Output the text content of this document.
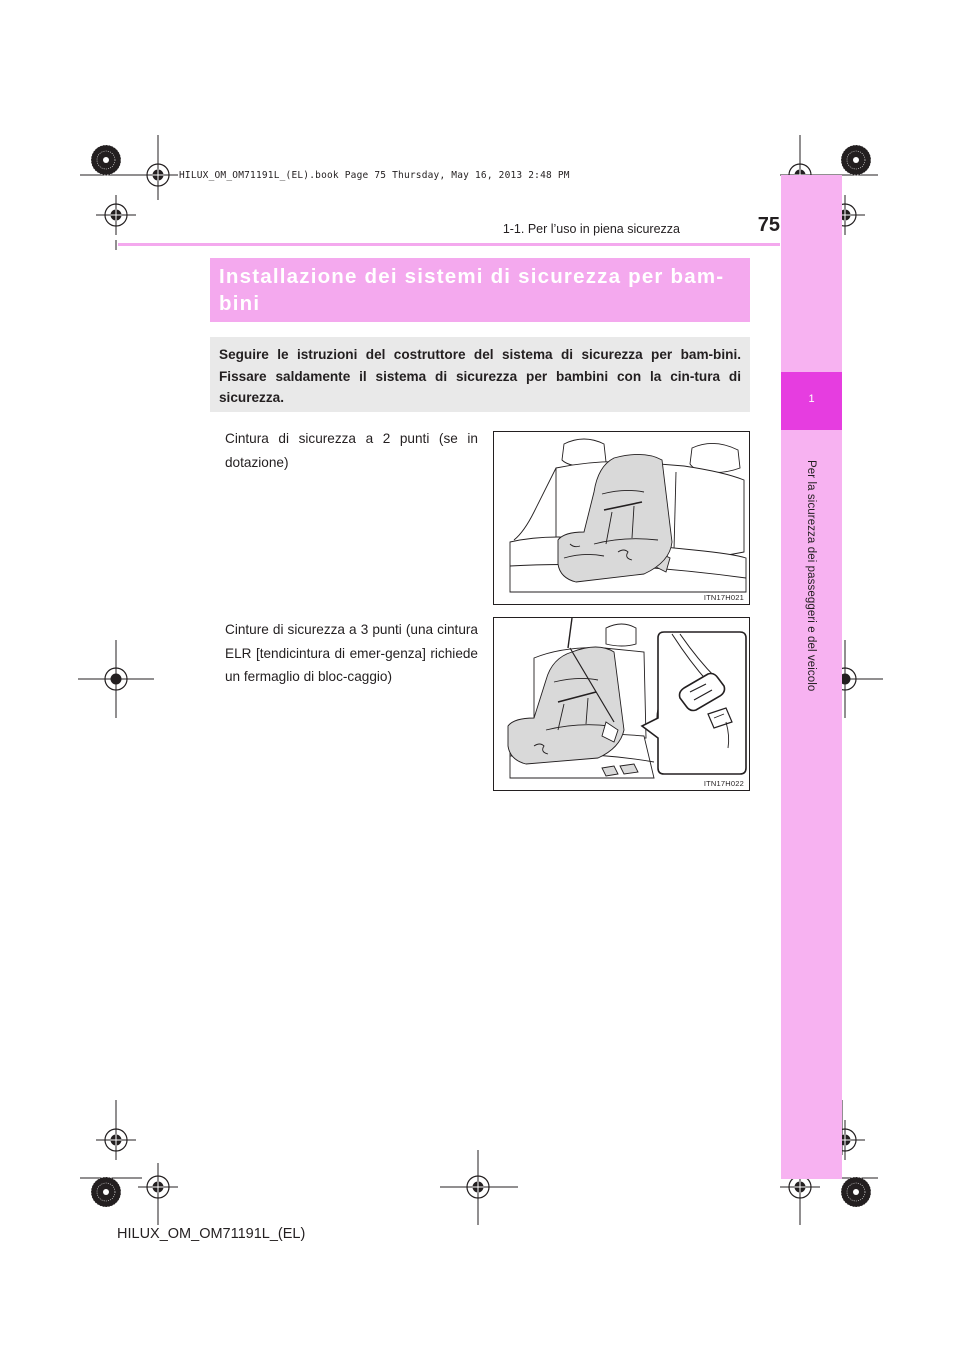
1
Per la sicurezza dei passeggeri e del veicolo
HILUX_OM_OM71191L_(EL).book Page 75 Thursday, May 16, 2013 2:48 PM
75
1-1. Per l’uso in piena sicurezza
Installazione dei sistemi di sicurezza per bam-bini
Seguire le istruzioni del costruttore del sistema di sicurezza per bam-bini. Fissare saldamente il sistema di sicurezza per bambini con la cin-tura di sicurezza.
Cintura di sicurezza a 2 punti (se in dotazione)
Cinture di sicurezza a 3 punti (una cintura ELR [tendicintura di emer-genza] richiede un fermaglio di bloc-caggio)
ITN17H021
ITN17H022
HILUX_OM_OM71191L_(EL)
